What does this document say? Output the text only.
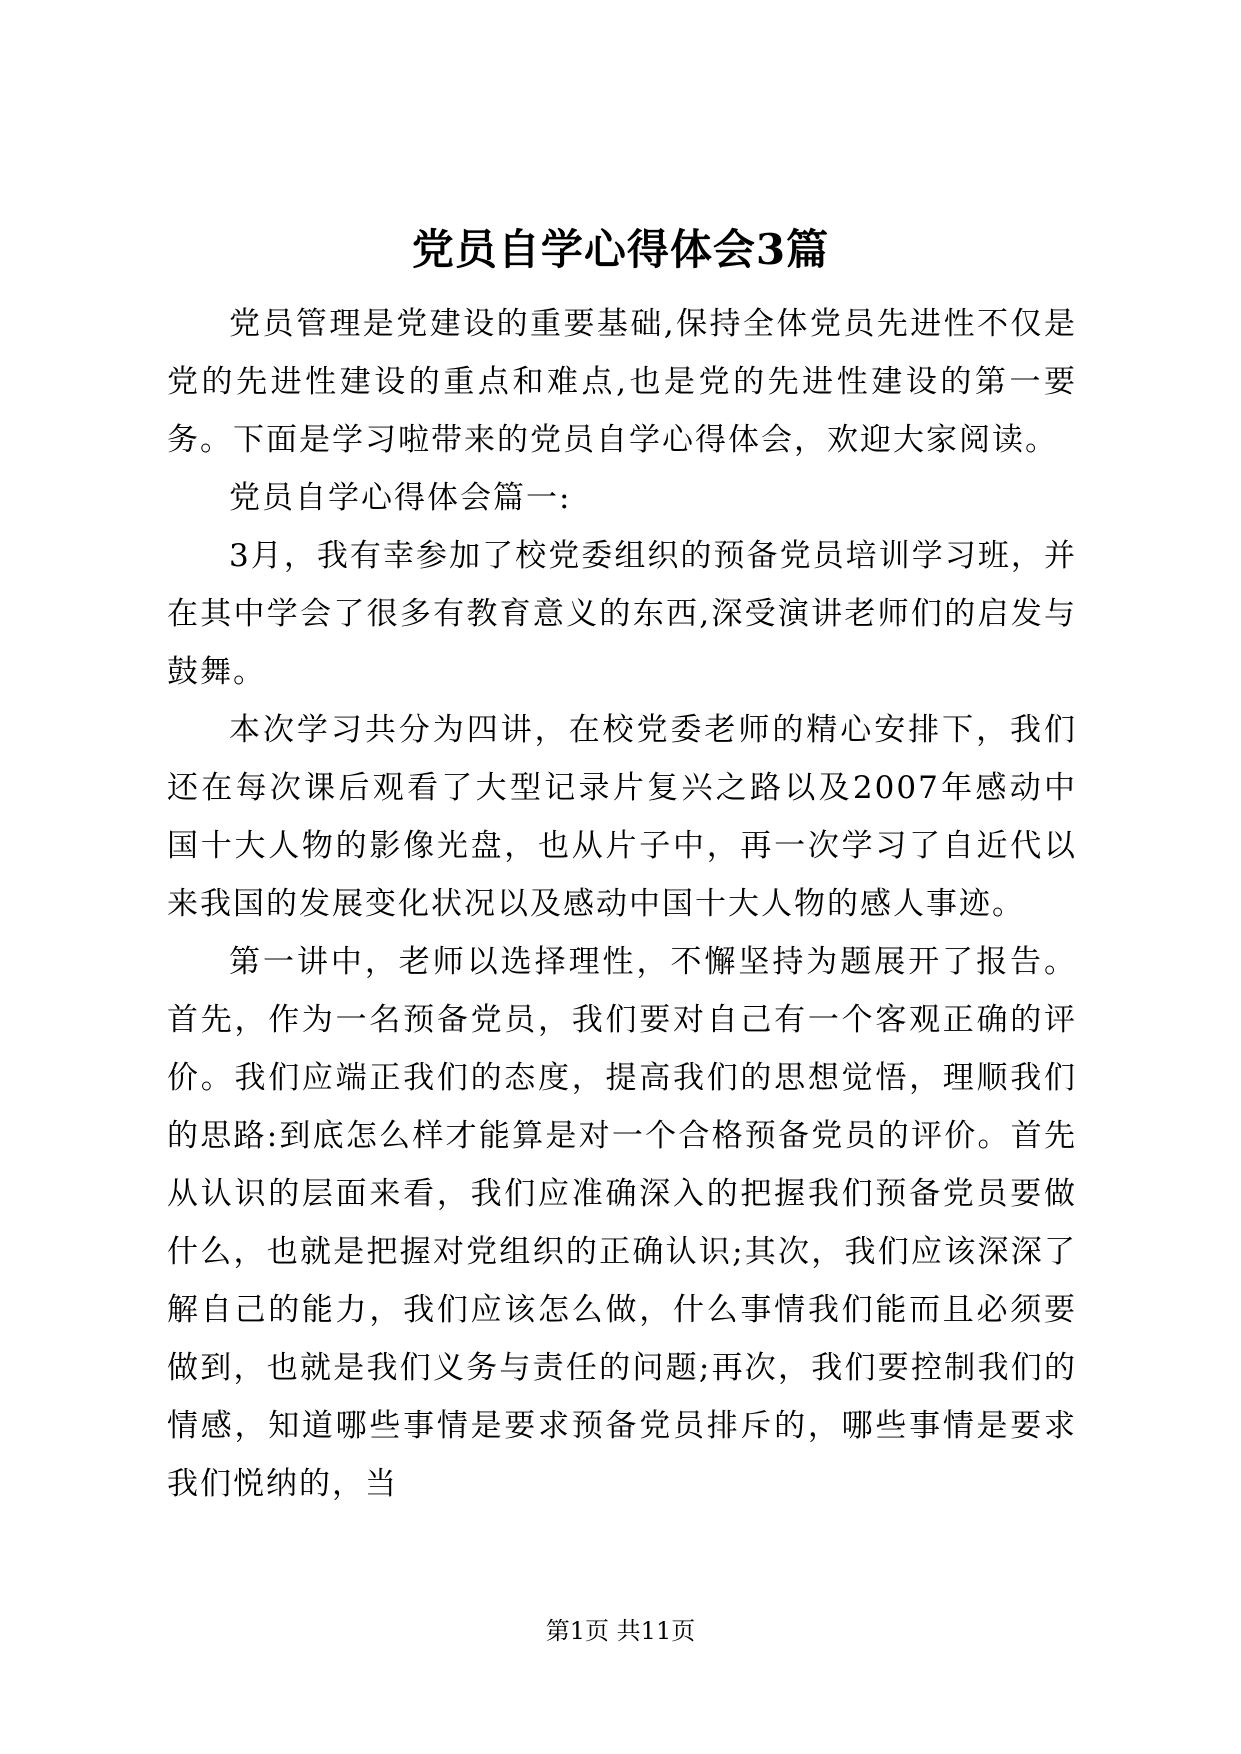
党员自学心得体会3篇

党员管理是党建设的重要基础,保持全体党员先进性不仅是党的先进性建设的重点和难点,也是党的先进性建设的第一要务。下面是学习啦带来的党员自学心得体会，欢迎大家阅读。

党员自学心得体会篇一:

3月，我有幸参加了校党委组织的预备党员培训学习班，并在其中学会了很多有教育意义的东西,深受演讲老师们的启发与鼓舞。

本次学习共分为四讲，在校党委老师的精心安排下，我们还在每次课后观看了大型记录片复兴之路以及2007年感动中国十大人物的影像光盘，也从片子中，再一次学习了自近代以来我国的发展变化状况以及感动中国十大人物的感人事迹。

第一讲中，老师以选择理性，不懈坚持为题展开了报告。首先，作为一名预备党员，我们要对自己有一个客观正确的评价。我们应端正我们的态度，提高我们的思想觉悟，理顺我们的思路:到底怎么样才能算是对一个合格预备党员的评价。首先从认识的层面来看，我们应准确深入的把握我们预备党员要做什么，也就是把握对党组织的正确认识;其次，我们应该深深了解自己的能力，我们应该怎么做，什么事情我们能而且必须要做到，也就是我们义务与责任的问题;再次，我们要控制我们的情感，知道哪些事情是要求预备党员排斥的，哪些事情是要求我们悦纳的，当

第1页 共11页
